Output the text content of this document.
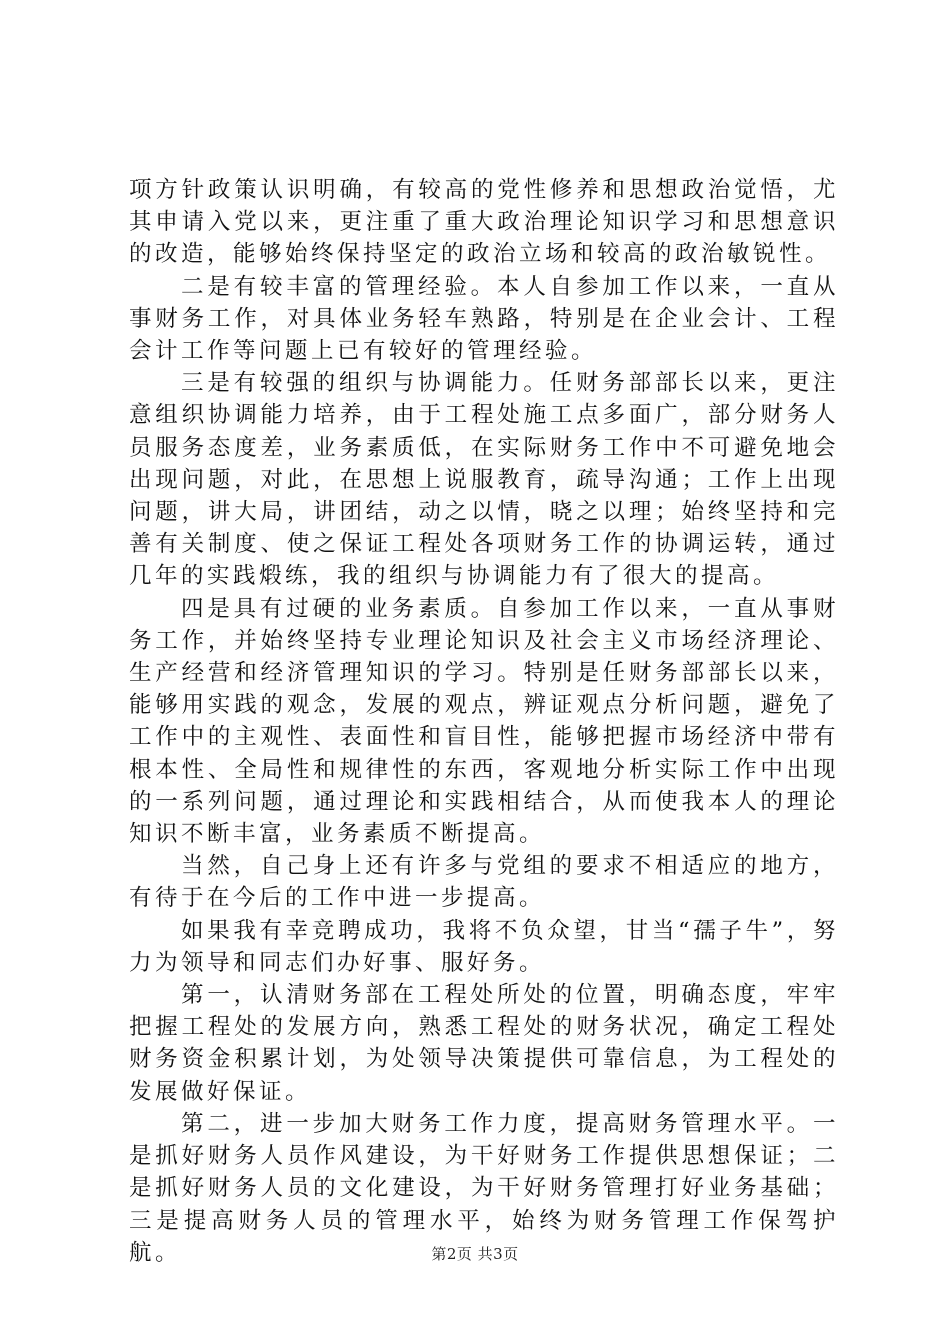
项方针政策认识明确，有较高的党性修养和思想政治觉悟，尤其申请入党以来，更注重了重大政治理论知识学习和思想意识的改造，能够始终保持坚定的政治立场和较高的政治敏锐性。

二是有较丰富的管理经验。本人自参加工作以来，一直从事财务工作，对具体业务轻车熟路，特别是在企业会计、工程会计工作等问题上已有较好的管理经验。

三是有较强的组织与协调能力。任财务部部长以来，更注意组织协调能力培养，由于工程处施工点多面广，部分财务人员服务态度差，业务素质低，在实际财务工作中不可避免地会出现问题，对此，在思想上说服教育，疏导沟通；工作上出现问题，讲大局，讲团结，动之以情，晓之以理；始终坚持和完善有关制度、使之保证工程处各项财务工作的协调运转，通过几年的实践煅练，我的组织与协调能力有了很大的提高。

四是具有过硬的业务素质。自参加工作以来，一直从事财务工作，并始终坚持专业理论知识及社会主义市场经济理论、生产经营和经济管理知识的学习。特别是任财务部部长以来，能够用实践的观念，发展的观点，辨证观点分析问题，避免了工作中的主观性、表面性和盲目性，能够把握市场经济中带有根本性、全局性和规律性的东西，客观地分析实际工作中出现的一系列问题，通过理论和实践相结合，从而使我本人的理论知识不断丰富，业务素质不断提高。

当然，自己身上还有许多与党组的要求不相适应的地方，有待于在今后的工作中进一步提高。

如果我有幸竞聘成功，我将不负众望，甘当“孺子牛”，努力为领导和同志们办好事、服好务。

第一，认清财务部在工程处所处的位置，明确态度，牢牢把握工程处的发展方向，熟悉工程处的财务状况，确定工程处财务资金积累计划，为处领导决策提供可靠信息，为工程处的发展做好保证。

第二，进一步加大财务工作力度，提高财务管理水平。一是抓好财务人员作风建设，为干好财务工作提供思想保证；二是抓好财务人员的文化建设，为干好财务管理打好业务基础；三是提高财务人员的管理水平，始终为财务管理工作保驾护航。	第2页 共3页
